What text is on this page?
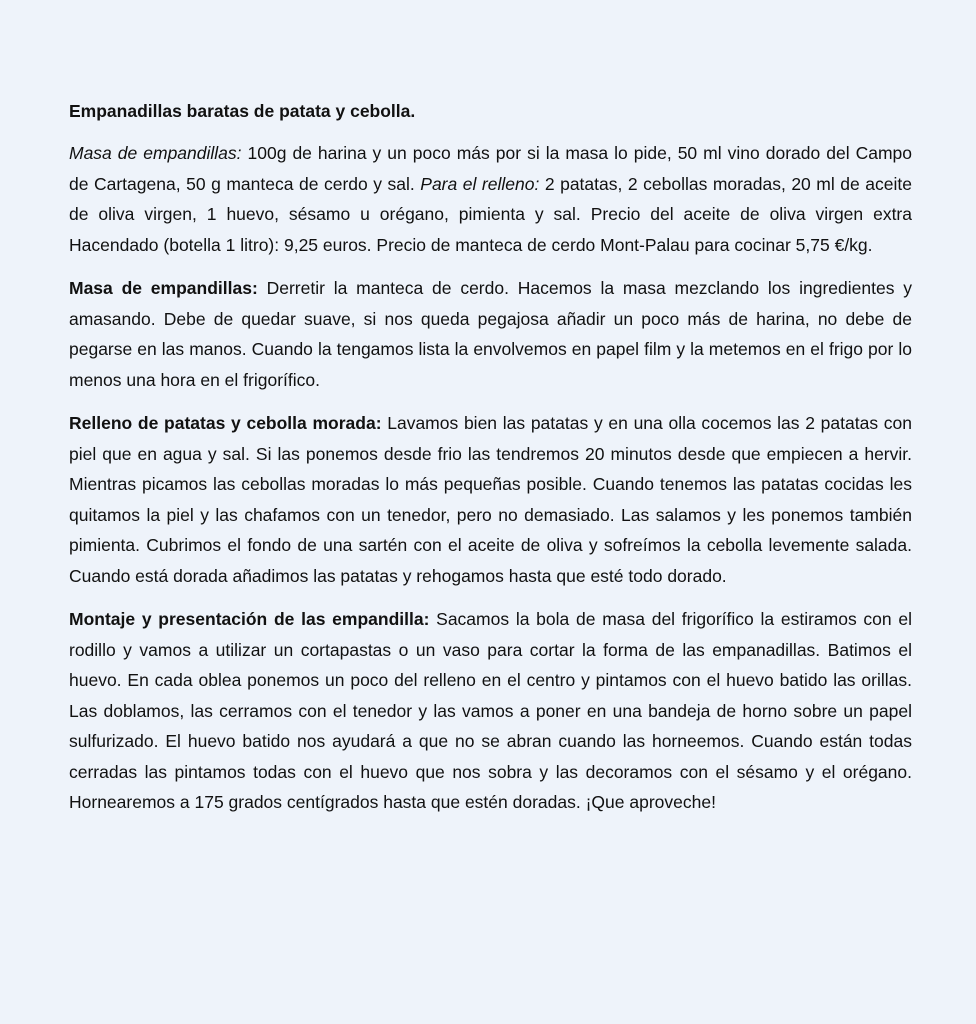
Empanadillas baratas de patata y cebolla.

Masa de empandillas: 100g de harina y un poco más por si la masa lo pide, 50 ml vino dorado del Campo de Cartagena, 50 g manteca de cerdo y sal. Para el relleno: 2 patatas, 2 cebollas moradas, 20 ml de aceite de oliva virgen, 1 huevo, sésamo u orégano, pimienta y sal. Precio del aceite de oliva virgen extra Hacendado (botella 1 litro): 9,25 euros. Precio de manteca de cerdo Mont-Palau para cocinar 5,75 €/kg.

Masa de empandillas: Derretir la manteca de cerdo. Hacemos la masa mezclando los ingredientes y amasando. Debe de quedar suave, si nos queda pegajosa añadir un poco más de harina, no debe de pegarse en las manos. Cuando la tengamos lista la envolvemos en papel film y la metemos en el frigo por lo menos una hora en el frigorífico.

Relleno de patatas y cebolla morada: Lavamos bien las patatas y en una olla cocemos las 2 patatas con piel que en agua y sal. Si las ponemos desde frio las tendremos 20 minutos desde que empiecen a hervir. Mientras picamos las cebollas moradas lo más pequeñas posible. Cuando tenemos las patatas cocidas les quitamos la piel y las chafamos con un tenedor, pero no demasiado. Las salamos y les ponemos también pimienta. Cubrimos el fondo de una sartén con el aceite de oliva y sofreímos la cebolla levemente salada. Cuando está dorada añadimos las patatas y rehogamos hasta que esté todo dorado.

Montaje y presentación de las empandilla: Sacamos la bola de masa del frigorífico la estiramos con el rodillo y vamos a utilizar un cortapastas o un vaso para cortar la forma de las empanadillas. Batimos el huevo. En cada oblea ponemos un poco del relleno en el centro y pintamos con el huevo batido las orillas. Las doblamos, las cerramos con el tenedor y las vamos a poner en una bandeja de horno sobre un papel sulfurizado. El huevo batido nos ayudará a que no se abran cuando las horneemos. Cuando están todas cerradas las pintamos todas con el huevo que nos sobra y las decoramos con el sésamo y el orégano. Hornearemos a 175 grados centígrados hasta que estén doradas. ¡Que aproveche!
